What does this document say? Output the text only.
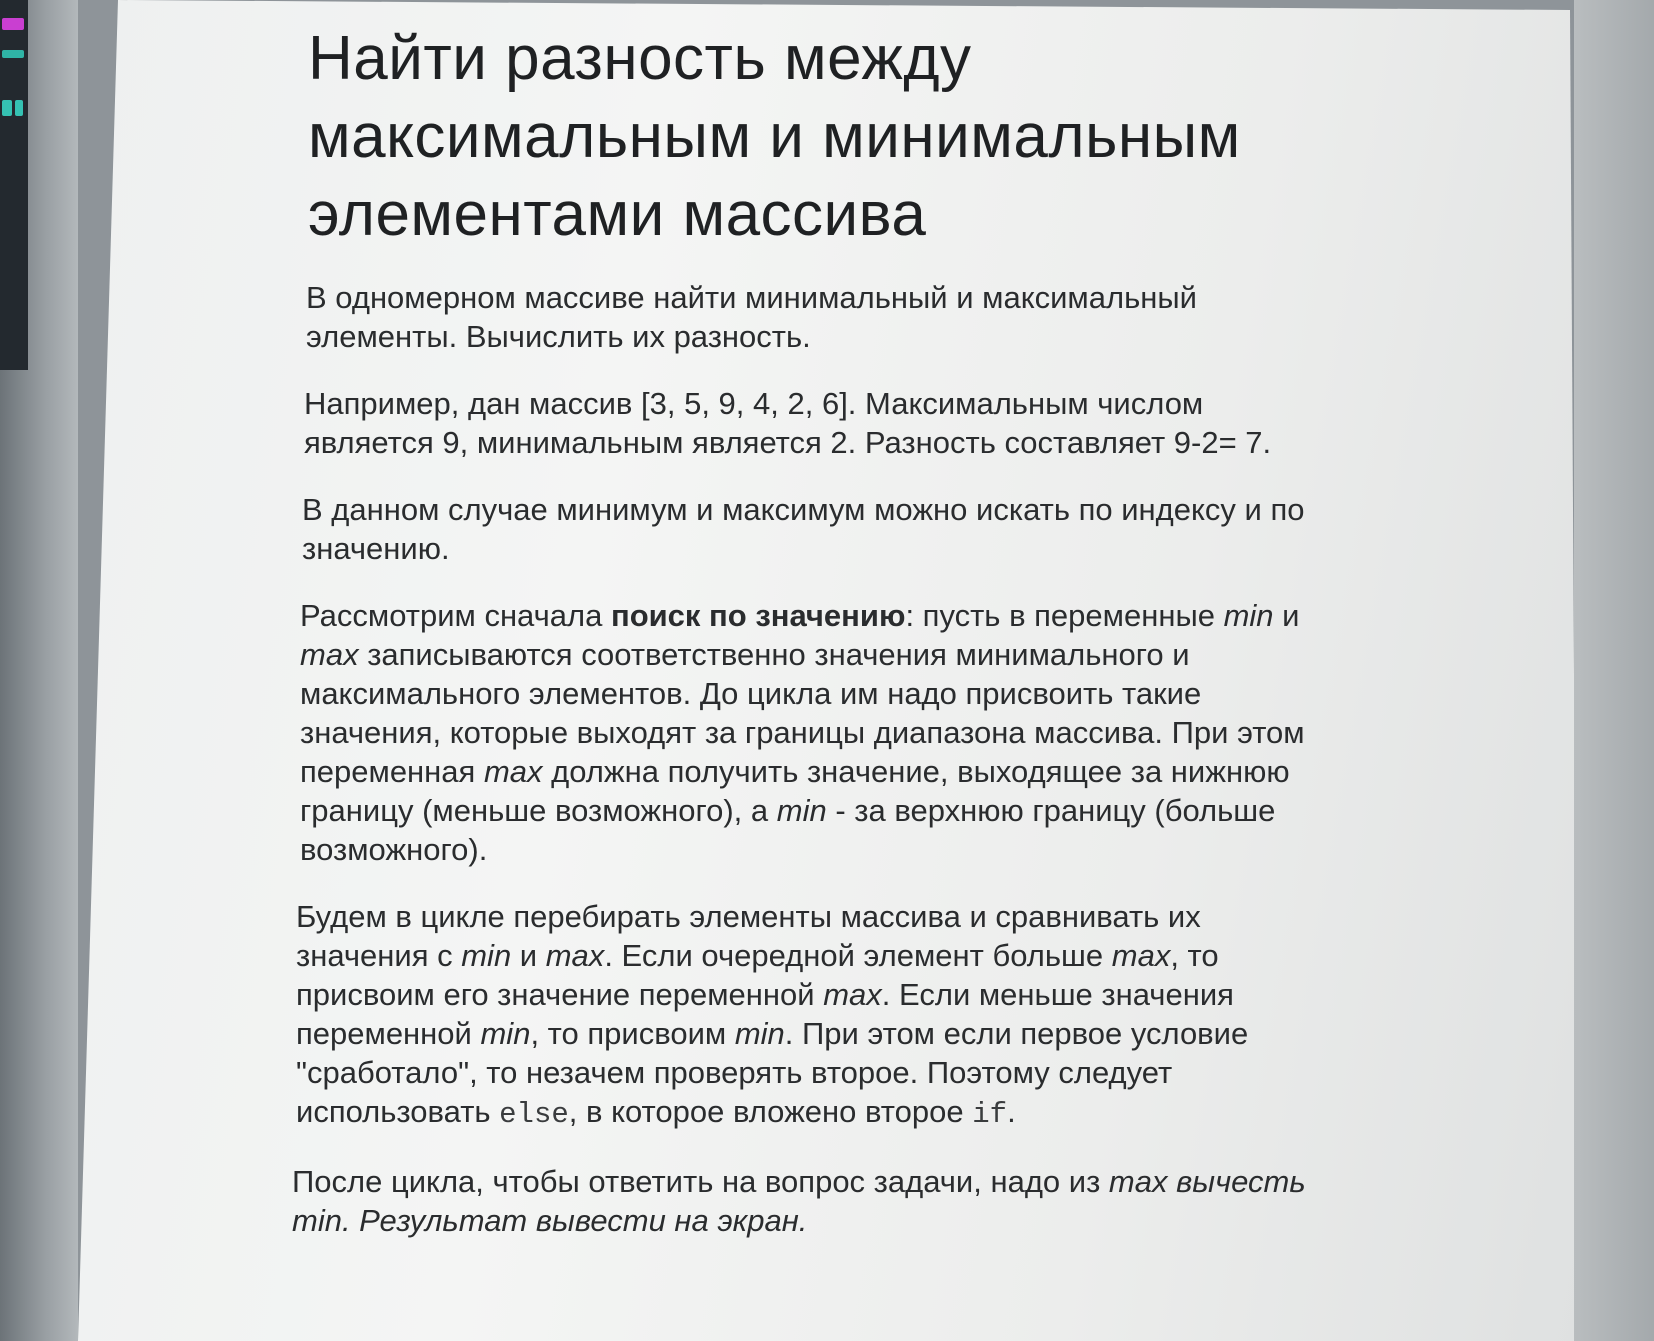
Найти разность между максимальным и минимальным элементами массива

В одномерном массиве найти минимальный и максимальный элементы. Вычислить их разность.

Например, дан массив [3, 5, 9, 4, 2, 6]. Максимальным числом является 9, минимальным является 2. Разность составляет 9-2= 7.

В данном случае минимум и максимум можно искать по индексу и по значению.

Рассмотрим сначала поиск по значению: пусть в переменные min и max записываются соответственно значения минимального и максимального элементов. До цикла им надо присвоить такие значения, которые выходят за границы диапазона массива. При этом переменная max должна получить значение, выходящее за нижнюю границу (меньше возможного), а min - за верхнюю границу (больше возможного).

Будем в цикле перебирать элементы массива и сравнивать их значения с min и max. Если очередной элемент больше max, то присвоим его значение переменной max. Если меньше значения переменной min, то присвоим min. При этом если первое условие "сработало", то незачем проверять второе. Поэтому следует использовать else, в которое вложено второе if.

После цикла, чтобы ответить на вопрос задачи, надо из max вычесть min. Результат вывести на экран.
